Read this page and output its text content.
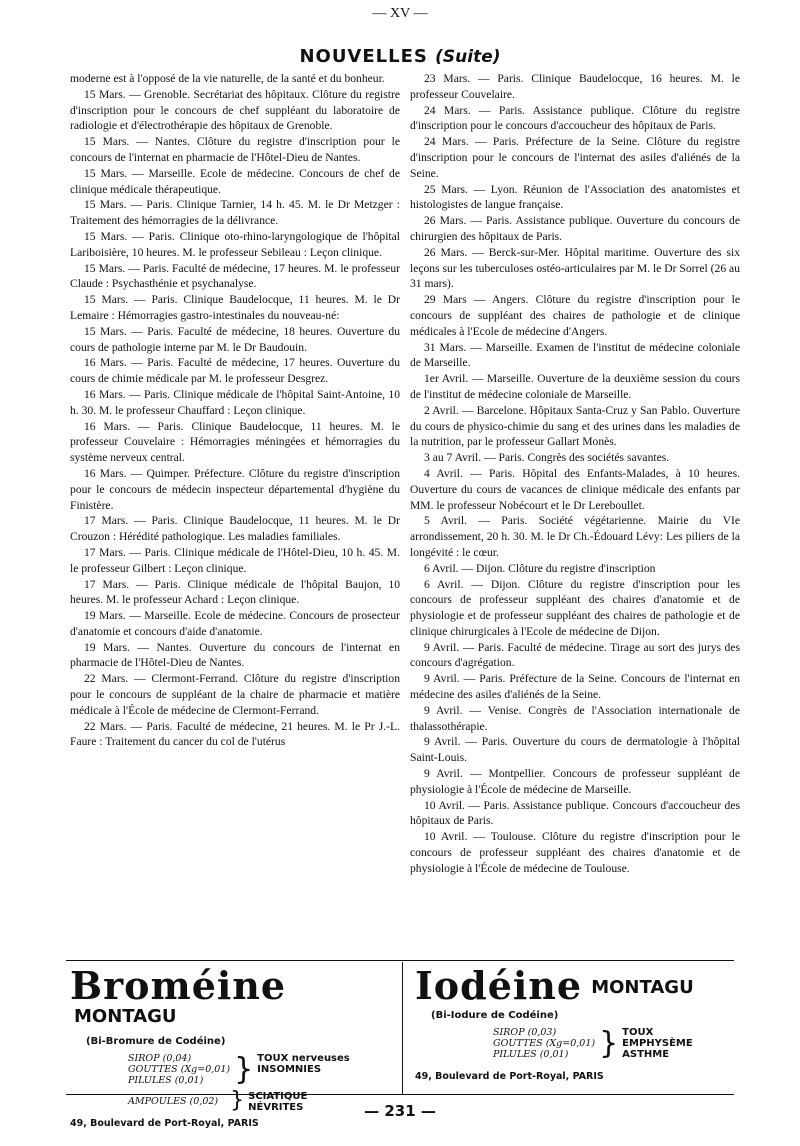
— XV —
NOUVELLES (Suite)

moderne est à l'opposé de la vie naturelle, de la santé et du bonheur.

15 Mars. — Grenoble. Secrétariat des hôpitaux. Clôture du registre d'inscription pour le concours de chef suppléant du laboratoire de radiologie et d'électrothérapie des hôpitaux de Grenoble.

15 Mars. — Nantes. Clôture du registre d'inscription pour le concours de l'internat en pharmacie de l'Hôtel-Dieu de Nantes.

15 Mars. — Marseille. Ecole de médecine. Concours de chef de clinique médicale thérapeutique.

15 Mars. — Paris. Clinique Tarnier, 14 h. 45. M. le Dr Metzger : Traitement des hémorragies de la délivrance.

15 Mars. — Paris. Clinique oto-rhino-laryngologique de l'hôpital Lariboisière, 10 heures. M. le professeur Sebileau : Leçon clinique.

15 Mars. — Paris. Faculté de médecine, 17 heures. M. le professeur Claude : Psychasthénie et psychanalyse.

15 Mars. — Paris. Clinique Baudelocque, 11 heures. M. le Dr Lemaire : Hémorragies gastro-intestinales du nouveau-né:

15 Mars. — Paris. Faculté de médecine, 18 heures. Ouverture du cours de pathologie interne par M. le Dr Baudouin.

16 Mars. — Paris. Faculté de médecine, 17 heures. Ouverture du cours de chimie médicale par M. le professeur Desgrez.

16 Mars. — Paris. Clinique médicale de l'hôpital Saint-Antoine, 10 h. 30. M. le professeur Chauffard : Leçon clinique.

16 Mars. — Paris. Clinique Baudelocque, 11 heures. M. le professeur Couvelaire : Hémorragies méningées et hémorragies du système nerveux central.

16 Mars. — Quimper. Préfecture. Clôture du registre d'inscription pour le concours de médecin inspecteur départemental d'hygiène du Finistère.

17 Mars. — Paris. Clinique Baudelocque, 11 heures. M. le Dr Crouzon : Hérédité pathologique. Les maladies familiales.

17 Mars. — Paris. Clinique médicale de l'Hôtel-Dieu, 10 h. 45. M. le professeur Gilbert : Leçon clinique.

17 Mars. — Paris. Clinique médicale de l'hôpital Baujon, 10 heures. M. le professeur Achard : Leçon clinique.

19 Mars. — Marseille. Ecole de médecine. Concours de prosecteur d'anatomie et concours d'aide d'anatomie.

19 Mars. — Nantes. Ouverture du concours de l'internat en pharmacie de l'Hôtel-Dieu de Nantes.

22 Mars. — Clermont-Ferrand. Clôture du registre d'inscription pour le concours de suppléant de la chaire de pharmacie et matière médicale à l'École de médecine de Clermont-Ferrand.

22 Mars. — Paris. Faculté de médecine, 21 heures. M. le Pr J.-L. Faure : Traitement du cancer du col de l'utérus

23 Mars. — Paris. Clinique Baudelocque, 16 heures. M. le professeur Couvelaire.

24 Mars. — Paris. Assistance publique. Clôture du registre d'inscription pour le concours d'accoucheur des hôpitaux de Paris.

24 Mars. — Paris. Préfecture de la Seine. Clôture du registre d'inscription pour le concours de l'internat des asiles d'aliénés de la Seine.

25 Mars. — Lyon. Réunion de l'Association des anatomistes et histologistes de langue française.

26 Mars. — Paris. Assistance publique. Ouverture du concours de chirurgien des hôpitaux de Paris.

26 Mars. — Berck-sur-Mer. Hôpital maritime. Ouverture des six leçons sur les tuberculoses ostéo-articulaires par M. le Dr Sorrel (26 au 31 mars).

29 Mars — Angers. Clôture du registre d'inscription pour le concours de suppléant des chaires de pathologie et de clinique médicales à l'Ecole de médecine d'Angers.

31 Mars. — Marseille. Examen de l'institut de médecine coloniale de Marseille.

1er Avril. — Marseille. Ouverture de la deuxième session du cours de l'institut de médecine coloniale de Marseille.

2 Avril. — Barcelone. Hôpitaux Santa-Cruz y San Pablo. Ouverture du cours de physico-chimie du sang et des urines dans les maladies de la nutrition, par le professeur Gallart Monès.

3 au 7 Avril. — Paris. Congrès des sociétés savantes.

4 Avril. — Paris. Hôpital des Enfants-Malades, à 10 heures. Ouverture du cours de vacances de clinique médicale des enfants par MM. le professeur Nobécourt et le Dr Lereboullet.

5 Avril. — Paris. Société végétarienne. Mairie du VIe arrondissement, 20 h. 30. M. le Dr Ch.-Édouard Lévy: Les piliers de la longévité : le cœur.

6 Avril. — Dijon. Clôture du registre d'inscription

6 Avril. — Dijon. Clôture du registre d'inscription pour les concours de professeur suppléant des chaires d'anatomie et de physiologie et de professeur suppléant des chaires de pathologie et de clinique chirurgicales à l'Ecole de médecine de Dijon.

9 Avril. — Paris. Faculté de médecine. Tirage au sort des jurys des concours d'agrégation.

9 Avril. — Paris. Préfecture de la Seine. Concours de l'internat en médecine des asiles d'aliénés de la Seine.

9 Avril. — Venise. Congrès de l'Association internationale de thalassothérapie.

9 Avril. — Paris. Ouverture du cours de dermatologie à l'hôpital Saint-Louis.

9 Avril. — Montpellier. Concours de professeur suppléant de physiologie à l'École de médecine de Marseille.

10 Avril. — Paris. Assistance publique. Concours d'accoucheur des hôpitaux de Paris.

10 Avril. — Toulouse. Clôture du registre d'inscription pour le concours de professeur suppléant des chaires d'anatomie et de physiologie à l'École de médecine de Toulouse.

Broméine MONTAGU
(Bi-Bromure de Codéine)
SIROP (0,04)
GOUTTES (Xg=0,01)
PILULES (0,01) } TOUX nerveuses
INSOMNIES
AMPOULES (0,02) } SCIATIQUE
NÉVRITES
49, Boulevard de Port-Royal, PARIS
Iodéine MONTAGU
(Bi-Iodure de Codéine)
SIROP (0,03)
GOUTTES (Xg=0,01)
PILULES (0,01) } TOUX
EMPHYSÈME
ASTHME
49, Boulevard de Port-Royal, PARIS
— 231 —
